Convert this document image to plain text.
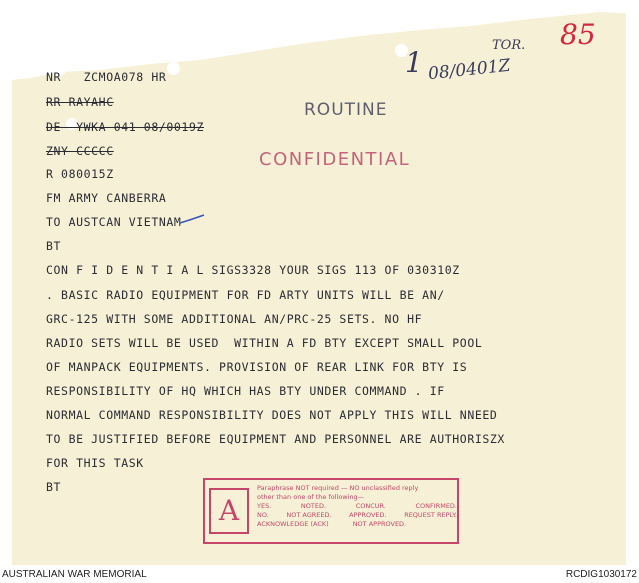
NR   ZCMOA078 HR
RR RAYAHC
DE  YWKA 041 08/0019Z
ZNY CCCCC
R 080015Z
FM ARMY CANBERRA
TO AUSTCAN VIETNAM
BT
CON F I D E N T I A L SIGS3328 YOUR SIGS 113 OF 030310Z
. BASIC RADIO EQUIPMENT FOR FD ARTY UNITS WILL BE AN/
GRC-125 WITH SOME ADDITIONAL AN/PRC-25 SETS. NO HF
RADIO SETS WILL BE USED  WITHIN A FD BTY EXCEPT SMALL POOL
OF MANPACK EQUIPMENTS. PROVISION OF REAR LINK FOR BTY IS
RESPONSIBILITY OF HQ WHICH HAS BTY UNDER COMMAND . IF
NORMAL COMMAND RESPONSIBILITY DOES NOT APPLY THIS WILL NNEED
TO BE JUSTIFIED BEFORE EQUIPMENT AND PERSONNEL ARE AUTHORISZX
FOR THIS TASK
BT
ROUTINE
CONFIDENTIAL
1
TOR.
08/0401Z
85
A
Paraphrase NOT required — NO unclassified reply
other than one of the following—
YES.	NOTED.	CONCUR.	CONFIRMED.
NO.	NOT AGREED.	APPROVED.	REQUEST REPLY.
ACKNOWLEDGE (ACK)	NOT APPROVED.
AUSTRALIAN WAR MEMORIAL	RCDIG1030172
